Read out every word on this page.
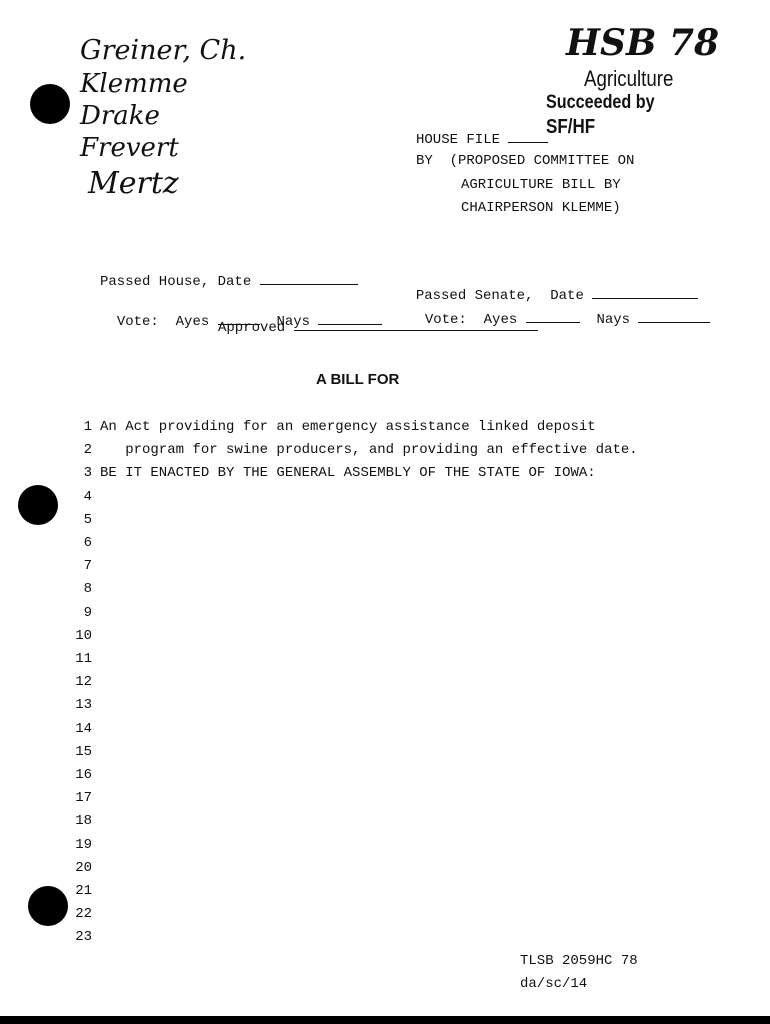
Greiner, Ch.
Klemme
Drake
Frevert
Mertz
HSB 78
Agriculture
Succeeded by
SF/HF
HOUSE FILE
BY  (PROPOSED COMMITTEE ON
AGRICULTURE BILL BY
CHAIRPERSON KLEMME)
Passed House, Date

Vote: Ayes	Nays

Approved

Passed Senate,  Date

Vote: Ayes	Nays

A BILL FOR
1 An Act providing for an emergency assistance linked deposit
2 program for swine producers, and providing an effective date.
3 BE IT ENACTED BY THE GENERAL ASSEMBLY OF THE STATE OF IOWA:
4
5
6
7
8
9
10
11
12
13
14
15
16
17
18
19
20
21
22
23
TLSB 2059HC 78
da/sc/14
